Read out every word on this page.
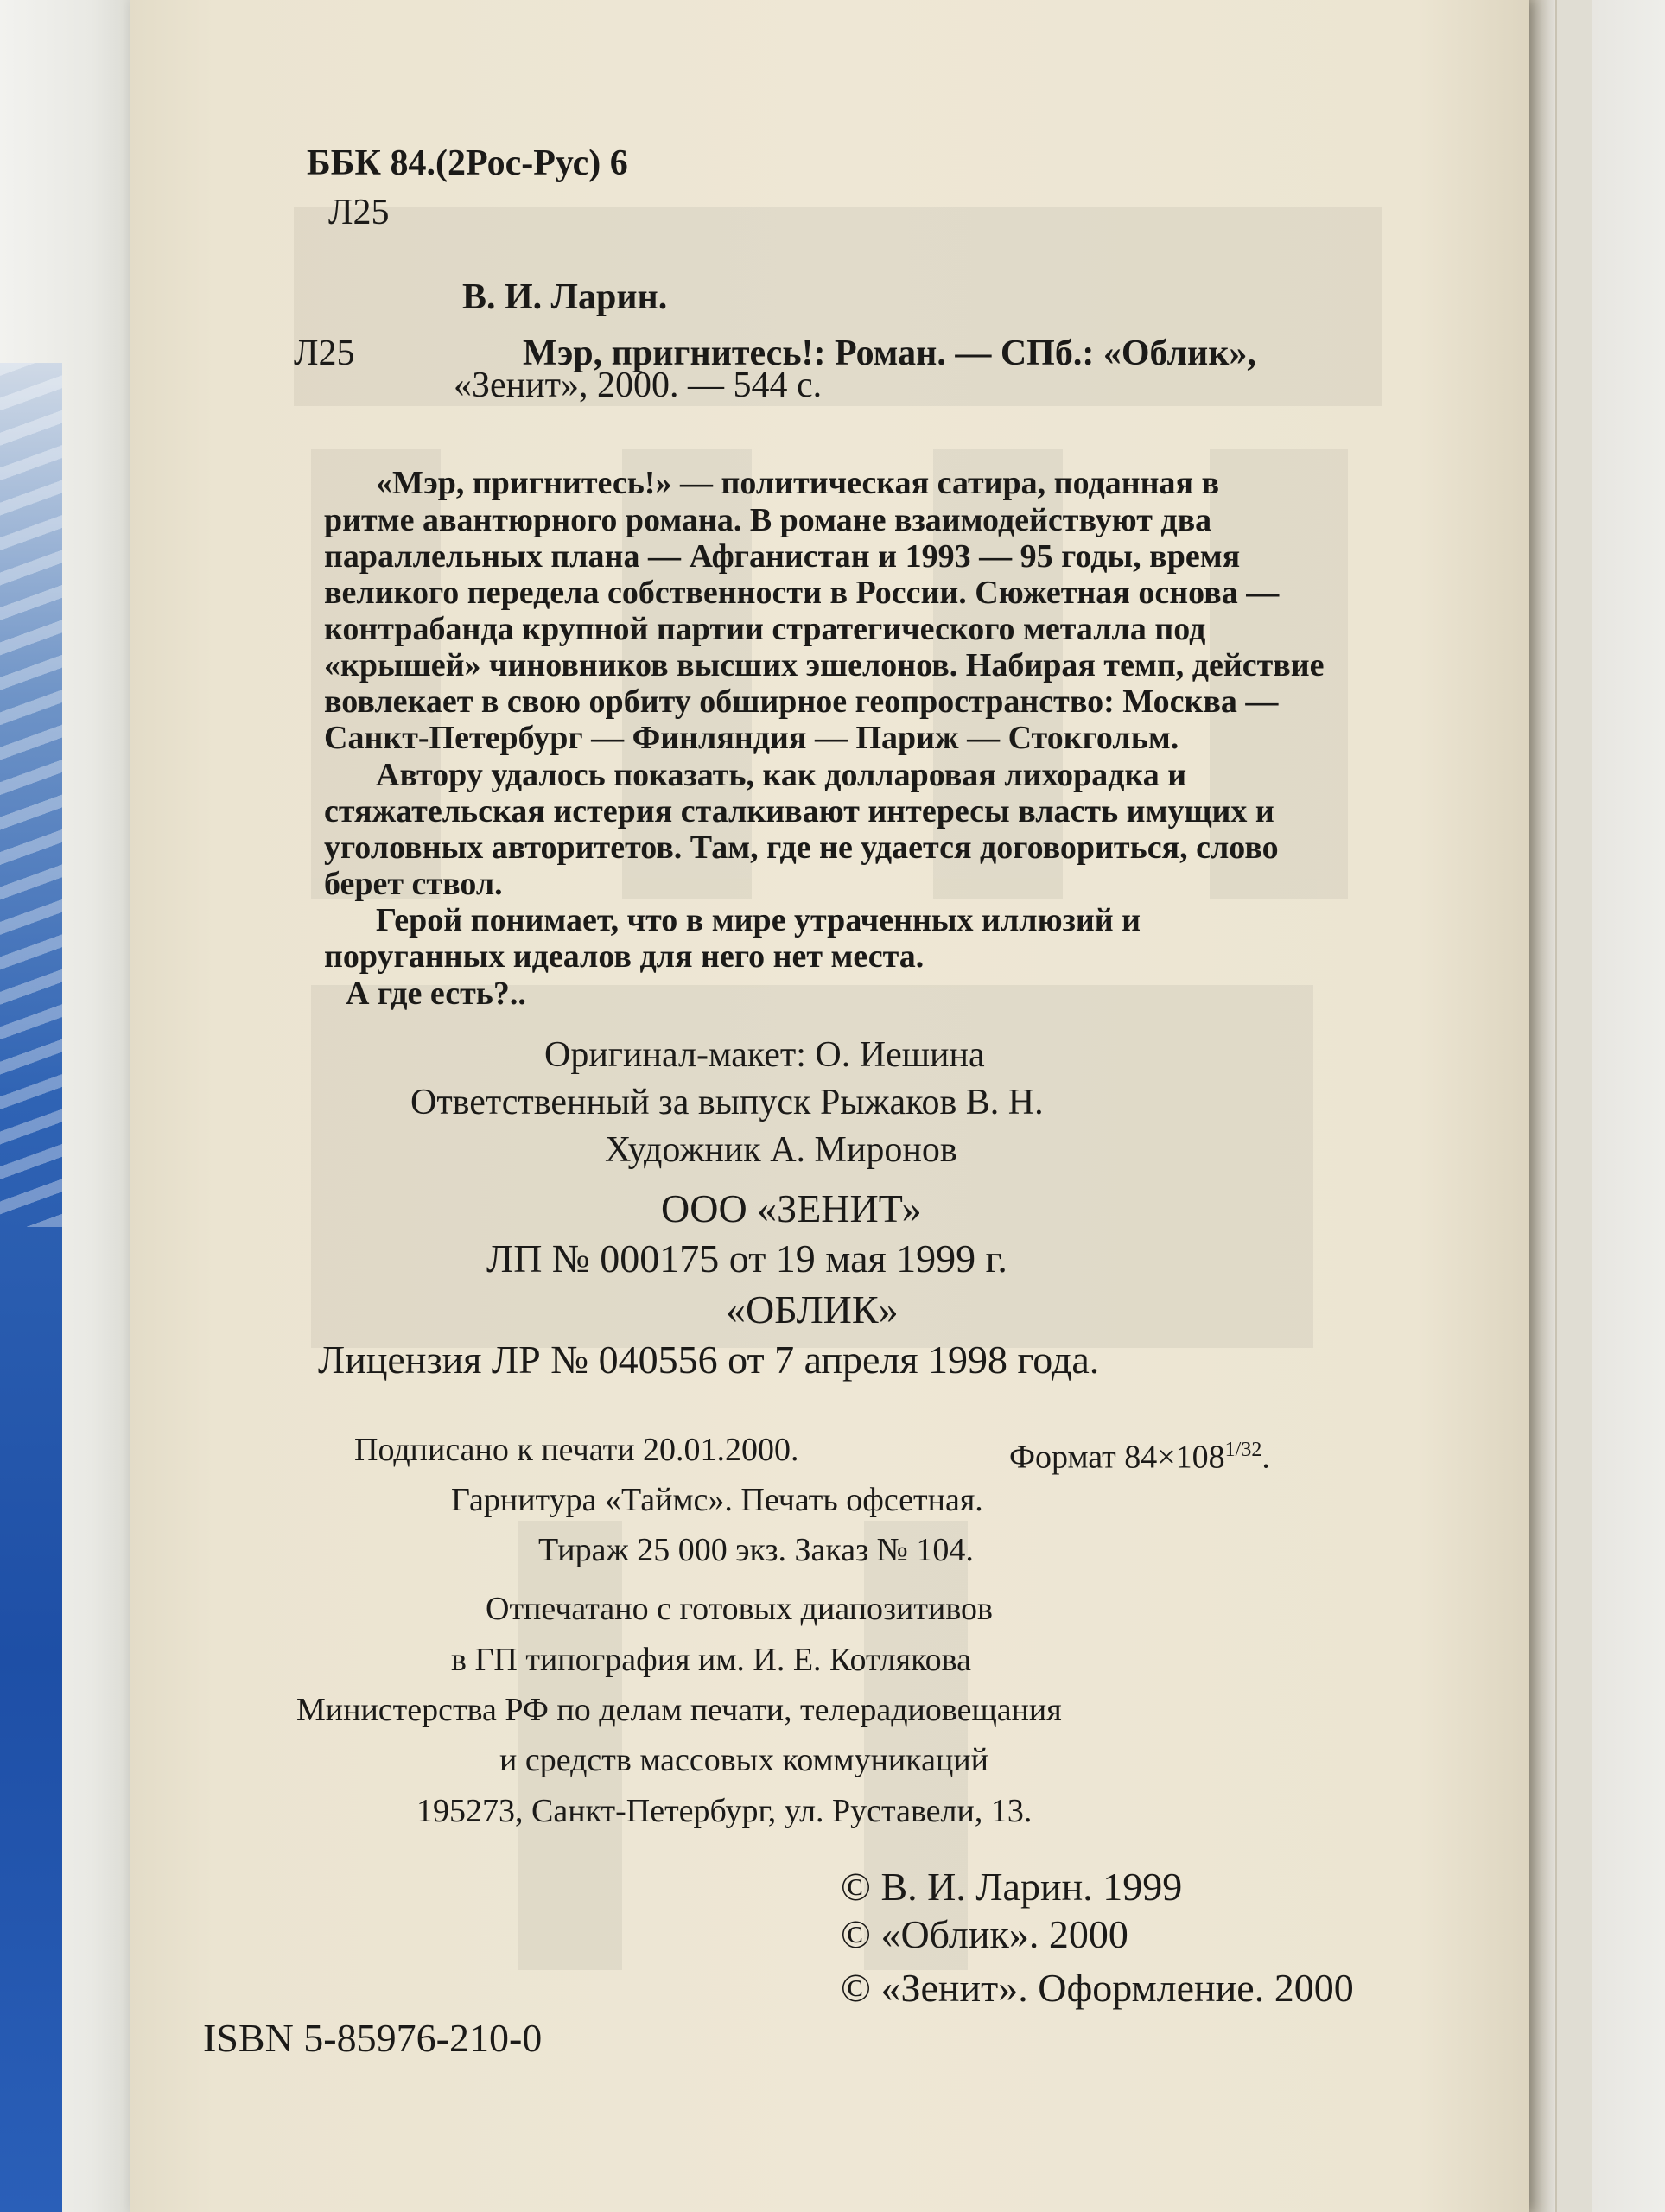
ББК 84.(2Рос-Рус) 6
Л25
В. И. Ларин.
Л25	Мэр, пригнитесь!: Роман. — СПб.: «Облик»,
«Зенит», 2000. — 544 с.
«Мэр, пригнитесь!» — политическая сатира, поданная в
ритме авантюрного романа. В романе взаимодействуют два
параллельных плана — Афганистан и 1993 — 95 годы, время
великого передела собственности в России. Сюжетная основа —
контрабанда крупной партии стратегического металла под
«крышей» чиновников высших эшелонов. Набирая темп, действие
вовлекает в свою орбиту обширное геопространство: Москва —
Санкт-Петербург — Финляндия — Париж — Стокгольм.
Автору удалось показать, как долларовая лихорадка и
стяжательская истерия сталкивают интересы власть имущих и
уголовных авторитетов. Там, где не удается договориться, слово
берет ствол.
Герой понимает, что в мире утраченных иллюзий и
поруганных идеалов для него нет места.
А где есть?..
Оригинал-макет: О. Иешина
Ответственный за выпуск Рыжаков В. Н.
Художник А. Миронов
ООО «ЗЕНИТ»
ЛП № 000175 от 19 мая 1999 г.
«ОБЛИК»
Лицензия ЛР № 040556 от 7 апреля 1998 года.
Подписано к печати 20.01.2000.	Формат $84\times 108^{1/32}$.
Гарнитура «Таймс». Печать офсетная.
Тираж 25 000 экз. Заказ № 104.
Отпечатано с готовых диапозитивов
в ГП типография им. И. Е. Котлякова
Министерства РФ по делам печати, телерадиовещания
и средств массовых коммуникаций
195273, Санкт-Петербург, ул. Руставели, 13.
© В. И. Ларин. 1999
© «Облик». 2000
© «Зенит». Оформление. 2000
ISBN 5-85976-210-0
